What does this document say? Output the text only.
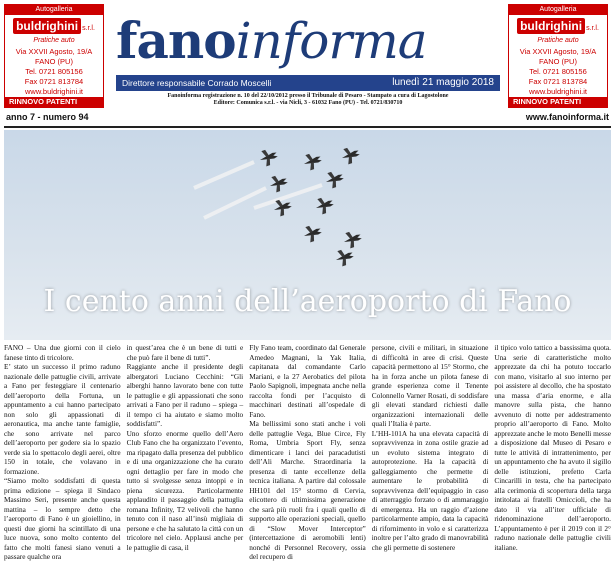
Autogalleria
buldrighini s.r.l.
Pratiche auto
Via XXVII Agosto, 19/A
FANO (PU)
Tel. 0721 805156
Fax 0721 813784
www.buldrighini.it
RINNOVO PATENTI
Autogalleria
buldrighini s.r.l.
Pratiche auto
Via XXVII Agosto, 19/A
FANO (PU)
Tel. 0721 805156
Fax 0721 813784
www.buldrighini.it
RINNOVO PATENTI
fanoinforma
Direttore responsabile Corrado Moscelli	lunedì 21 maggio 2018
Fanoinforma registrazione n. 10 del 22/10/2012 presso il Tribunale di Pesaro - Stampato a cura di Lagostolone
Editore: Comunica s.r.l. - via Nicli, 3 - 61032 Fano (PU) - Tel. 0721/830710
anno 7 - numero 94	www.fanoinforma.it
I cento anni dell’aeroporto di Fano
FANO – Una due giorni con il cielo fanese tinto di tricolore.
E’ stato un successo il primo raduno nazionale delle pattuglie civili, arrivate a Fano per festeggiare il centenario dell’aeroporto della Fortuna, un appuntamento a cui hanno partecipato non solo gli appassionati di aeronautica, ma anche tante famiglie, che sono arrivate nel parco dell’aeroporto per godere sia lo spazio verde sia lo spettacolo degli aerei, oltre 150 in totale, che volavano in formazione.
“Siamo molto soddisfatti di questa prima edizione – spiega il Sindaco Massimo Seri, presente anche questa mattina – lo sempre detto che l’aeroporto di Fano è un gioiellino, in questi due giorni ha scintillato di una luce nuova, sono molto contento del fatto che molti fanesi siano venuti a passare qualche ora
in quest’area che è un bene di tutti e che può fare il bene di tutti”.
Raggiante anche il presidente degli albergatori Luciano Cecchini: “Gli alberghi hanno lavorato bene con tutte le pattuglie e gli appassionati che sono arrivati a Fano per il raduno – spiega – il tempo ci ha aiutato e siamo molto soddisfatti”.
Uno sforzo enorme quello dell’Aero Club Fano che ha organizzato l’evento, ma ripagato dalla presenza del pubblico e di una organizzazione che ha curato ogni dettaglio per fare in modo che tutto si svolgesse senza intoppi e in piena sicurezza. Particolarmente applaudito il passaggio della pattuglia romana Infinity, T2 velivoli che hanno tenuto con il naso all’insù migliaia di persone e che ha salutato la città con un tricolore nel cielo. Applausi anche per le pattuglie di casa, il
Fly Fano team, coordinato dal Generale Amedeo Magnani, la Yak Italia, capitanata dal comandante Carlo Mariani, e la 27 Aerobatics del pilota Paolo Sapignoli, impegnata anche nella raccolta fondi per l’acquisto di macchinari destinati all’ospedale di Fano.
Ma bellissimi sono stati anche i voli delle pattuglie Vega, Blue Circe, Fly Roma, Umbria Sport Fly, senza dimenticare i lanci dei paracadutisti dell’Ali Marche. Straordinaria la presenza di tante eccellenze della tecnica italiana. A partire dal colossale HH101 del 15° stormo di Cervia, elicottero di ultimissima generazione che sarà più ruoli fra i quali quello di supporto alle operazioni speciali, quello di “Slow Mover Interceptor” (intercettazione di aeromobili lenti) nonché di Personnel Recovery, ossia del recupero di
persone, civili e militari, in situazione di difficoltà in aree di crisi. Queste capacità permettono al 15° Stormo, che ha in forza anche un pilota fanese di grande esperienza come il Tenente Colonnello Varner Rosati, di soddisfare gli elevati standard richiesti dalle organizzazioni internazionali delle quali l’Italia è parte.
L’HH-101A ha una elevata capacità di sopravvivenza in zona ostile grazie ad un evoluto sistema integrato di autoprotezione. Ha la capacità di galleggiamento che permette di aumentare le probabilità di sopravvivenza dell’equipaggio in caso di atterraggio forzato o di ammaraggio di emergenza. Ha un raggio d’azione particolarmente ampio, data la capacità di rifornimento in volo e si caratterizza inoltre per l’alto grado di manovrabilità che gli permette di sostenere
il tipico volo tattico a bassissima quota. Una serie di caratteristiche molto apprezzate da chi ha potuto toccarlo con mano, visitarlo al suo interno per poi assistere al decollo, che ha spostato una massa d’aria enorme, e alla manovre sulla pista, che hanno avvenuto di notte per addestramento proprio all’aeroporto di Fano. Molto apprezzate anche le moto Benelli messe a disposizione dal Museo di Pesaro e tutte le attività di intrattenimento, per un appuntamento che ha avuto il sigillo delle istituzioni, prefetto Carla Cincarilli in testa, che ha partecipato alla cerimonia di scopertura della targa intitolata ai fratelli Omiccioli, che ha dato il via all’iter ufficiale di ridenominazione dell’aeroporto. L’appuntamento è per il 2019 con il 2° raduno nazionale delle pattuglie civili italiane.
